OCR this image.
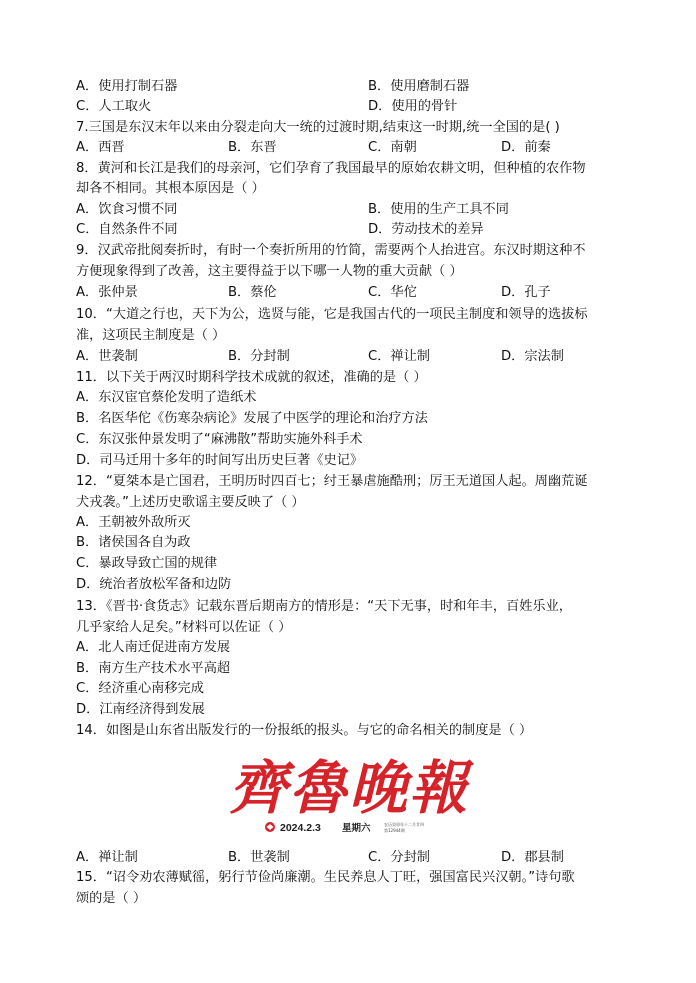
A．使用打制石器	B．使用磨制石器
C．人工取火	D．使用的骨针
7.三国是东汉末年以来由分裂走向大一统的过渡时期,结束这一时期,统一全国的是( )
A．西晋	B．东晋	C．南朝	D．前秦
8．黄河和长江是我们的母亲河，它们孕育了我国最早的原始农耕文明，但种植的农作物
却各不相同。其根本原因是（ ）
A．饮食习惯不同	B．使用的生产工具不同
C．自然条件不同	D．劳动技术的差异
9．汉武帝批阅奏折时，有时一个奏折所用的竹简，需要两个人抬进宫。东汉时期这种不
方便现象得到了改善，这主要得益于以下哪一人物的重大贡献（ ）
A．张仲景	B．蔡伦	C．华佗	D．孔子
10．“大道之行也，天下为公，选贤与能，它是我国古代的一项民主制度和领导的选拔标
准，这项民主制度是（ ）
A．世袭制	B．分封制	C．禅让制	D．宗法制
11．以下关于两汉时期科学技术成就的叙述，准确的是（ ）
A．东汉宦官蔡伦发明了造纸术
B．名医华佗《伤寒杂病论》发展了中医学的理论和治疗方法
C．东汉张仲景发明了“麻沸散”帮助实施外科手术
D．司马迁用十多年的时间写出历史巨著《史记》
12．“夏桀本是亡国君，王明历时四百七；纣王暴虐施酷刑；厉王无道国人起。周幽荒诞
犬戎袭。”上述历史歌谣主要反映了（ ）
A．王朝被外敌所灭
B．诸侯国各自为政
C．暴政导致亡国的规律
D．统治者放松军备和边防
13．《晋书·食货志》记载东晋后期南方的情形是：“天下无事，时和年丰，百姓乐业，
几乎家给人足矣。”材料可以佐证（ ）
A．北人南迁促进南方发展
B．南方生产技术水平高超
C．经济重心南移完成
D．江南经济得到发展
14．如图是山东省出版发行的一份报纸的报头。与它的命名相关的制度是（ ）
齊魯晚報
2024.2.3 星期六	农历癸卯年十二月廿四
第12944期
A．禅让制	B．世袭制	C．分封制	D．郡县制
15．“诏令劝农薄赋徭，躬行节俭尚廉潮。生民养息人丁旺，强国富民兴汉朝。”诗句歌
颂的是（ ）
